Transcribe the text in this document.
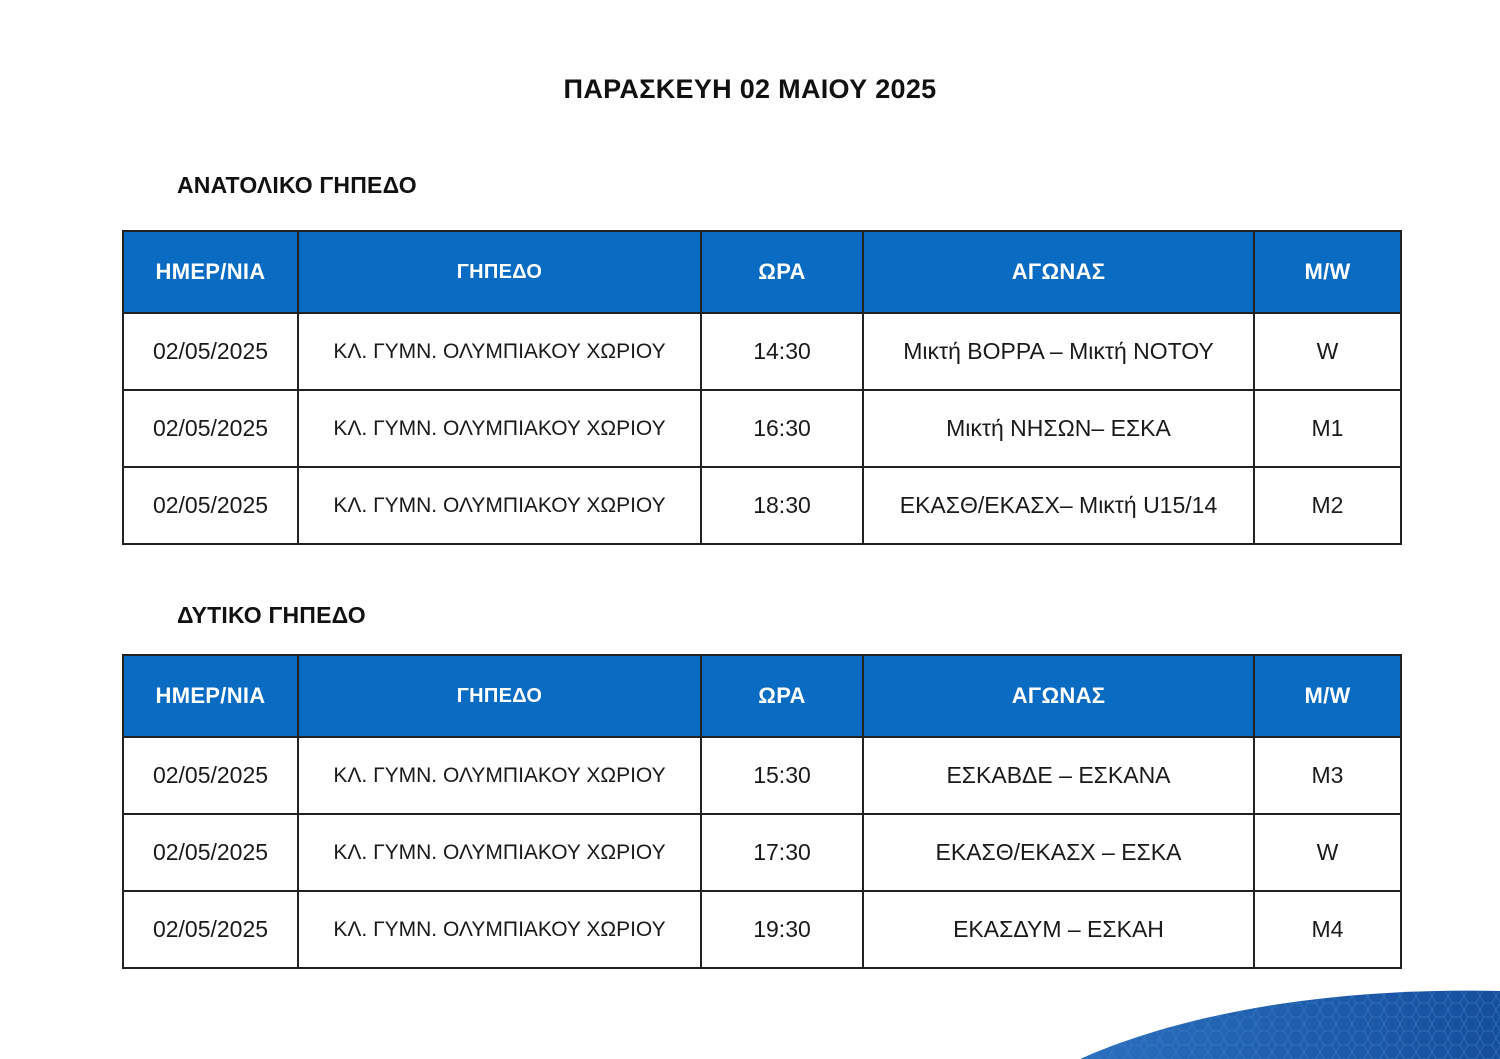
ΠΑΡΑΣΚΕΥΗ 02 ΜΑΙΟΥ 2025
ΑΝΑΤΟΛΙΚΟ ΓΗΠΕΔΟ
ΗΜΕΡ/ΝΙΑ	ΓΗΠΕΔΟ	ΩΡΑ	ΑΓΩΝΑΣ	M/W
02/05/2025	ΚΛ. ΓΥΜΝ. ΟΛΥΜΠΙΑΚΟΥ ΧΩΡΙΟΥ	14:30	Μικτή ΒΟΡΡΑ – Μικτή ΝΟΤΟΥ	W
02/05/2025	ΚΛ. ΓΥΜΝ. ΟΛΥΜΠΙΑΚΟΥ ΧΩΡΙΟΥ	16:30	Μικτή ΝΗΣΩΝ– ΕΣΚΑ	M1
02/05/2025	ΚΛ. ΓΥΜΝ. ΟΛΥΜΠΙΑΚΟΥ ΧΩΡΙΟΥ	18:30	ΕΚΑΣΘ/ΕΚΑΣΧ– Μικτή U15/14	M2
ΔΥΤΙΚΟ ΓΗΠΕΔΟ
ΗΜΕΡ/ΝΙΑ	ΓΗΠΕΔΟ	ΩΡΑ	ΑΓΩΝΑΣ	M/W
02/05/2025	ΚΛ. ΓΥΜΝ. ΟΛΥΜΠΙΑΚΟΥ ΧΩΡΙΟΥ	15:30	ΕΣΚΑΒΔΕ – ΕΣΚΑΝΑ	M3
02/05/2025	ΚΛ. ΓΥΜΝ. ΟΛΥΜΠΙΑΚΟΥ ΧΩΡΙΟΥ	17:30	ΕΚΑΣΘ/ΕΚΑΣΧ – ΕΣΚΑ	W
02/05/2025	ΚΛ. ΓΥΜΝ. ΟΛΥΜΠΙΑΚΟΥ ΧΩΡΙΟΥ	19:30	ΕΚΑΣΔΥΜ – ΕΣΚΑΗ	M4
